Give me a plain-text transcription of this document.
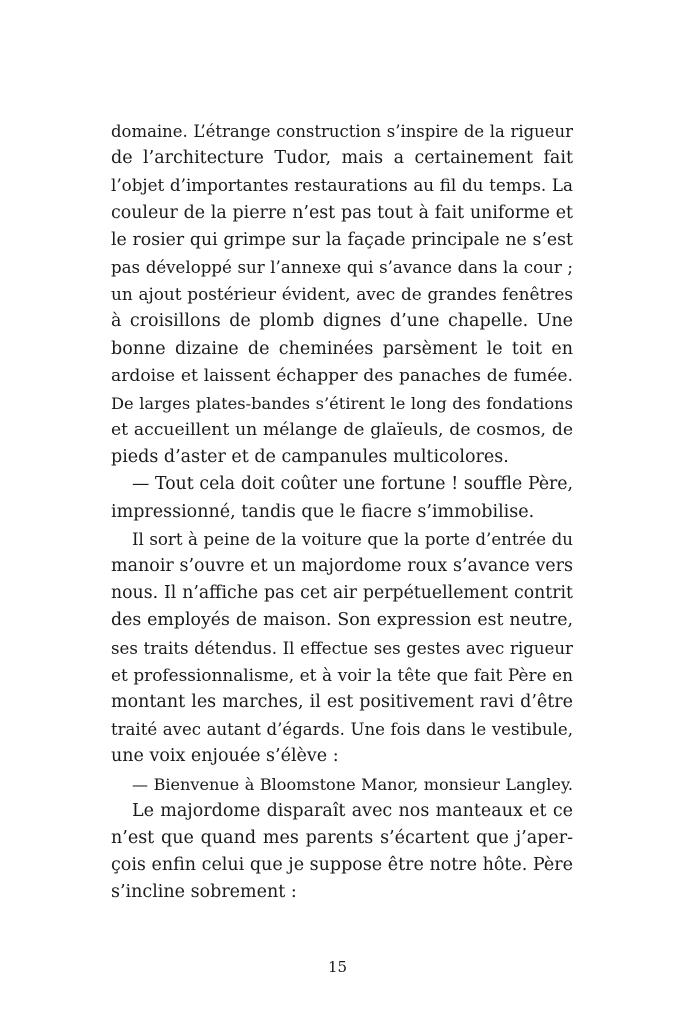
domaine. L’étrange construction s’inspire de la rigueur
de l’architecture Tudor, mais a certainement fait
l’objet d’importantes restaurations au fil du temps. La
couleur de la pierre n’est pas tout à fait uniforme et
le rosier qui grimpe sur la façade principale ne s’est
pas développé sur l’annexe qui s’avance dans la cour ;
un ajout postérieur évident, avec de grandes fenêtres
à croisillons de plomb dignes d’une chapelle. Une
bonne dizaine de cheminées parsèment le toit en
ardoise et laissent échapper des panaches de fumée.
De larges plates-bandes s’étirent le long des fondations
et accueillent un mélange de glaïeuls, de cosmos, de
pieds d’aster et de campanules multicolores.
— Tout cela doit coûter une fortune ! souffle Père,
impressionné, tandis que le fiacre s’immobilise.
Il sort à peine de la voiture que la porte d’entrée du
manoir s’ouvre et un majordome roux s’avance vers
nous. Il n’affiche pas cet air perpétuellement contrit
des employés de maison. Son expression est neutre,
ses traits détendus. Il effectue ses gestes avec rigueur
et professionnalisme, et à voir la tête que fait Père en
montant les marches, il est positivement ravi d’être
traité avec autant d’égards. Une fois dans le vestibule,
une voix enjouée s’élève :
— Bienvenue à Bloomstone Manor, monsieur Langley.
Le majordome disparaît avec nos manteaux et ce
n’est que quand mes parents s’écartent que j’aper-
çois enfin celui que je suppose être notre hôte. Père
s’incline sobrement :
15
